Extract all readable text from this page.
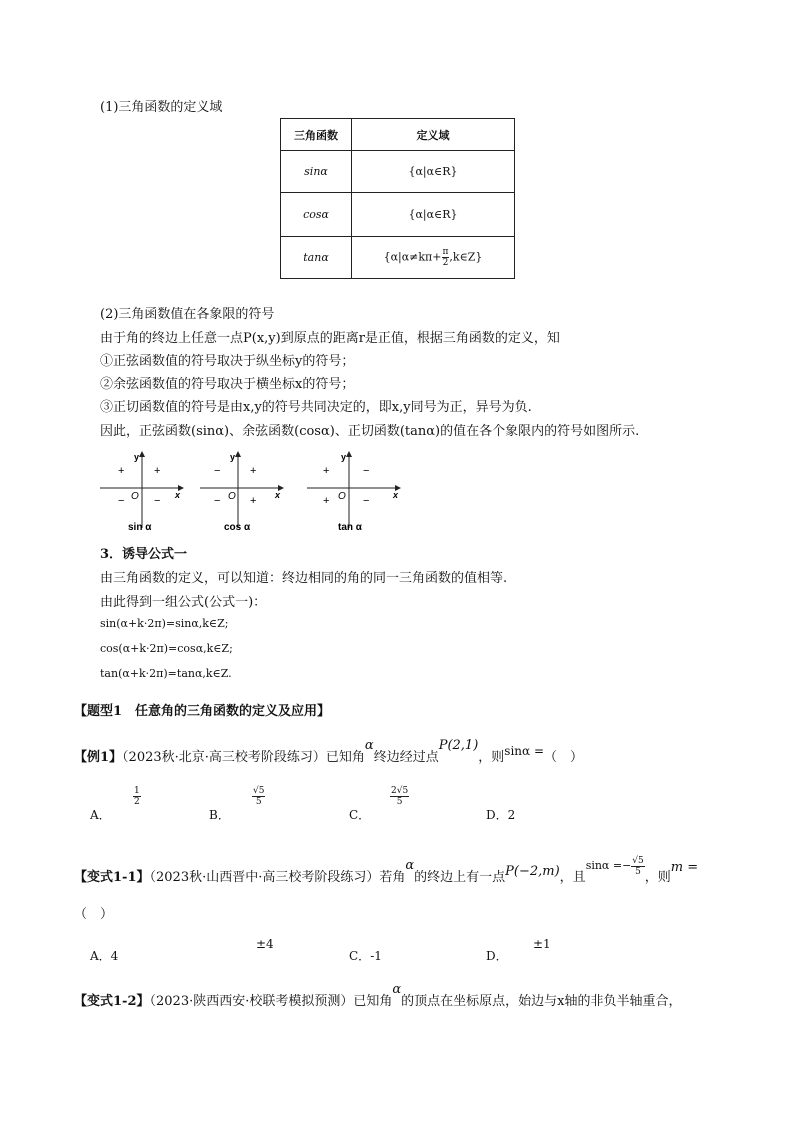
(1)三角函数的定义域
三角函数	定义域
sinα	{α|α∈R}
cosα	{α|α∈R}
tanα	{$\alpha|\alpha\ne k\pi+ \frac{\pi}{2}$ ,k∈Z}
(2)三角函数值在各象限的符号
由于角的终边上任意一点P(x,y)到原点的距离r是正值，根据三角函数的定义，知
①正弦函数值的符号取决于纵坐标y的符号；
②余弦函数值的符号取决于横坐标x的符号；
③正切函数值的符号是由x,y的符号共同决定的，即x,y同号为正，异号为负.
因此，正弦函数(sinα)、余弦函数(cosα)、正切函数(tanα)的值在各个象限内的符号如图所示.
y
x
O
+
+
−	−
sin α
y
x
O
+
−
−	+
cos α
y
x
O
−
+
+	−
tan α
3．诱导公式一
由三角函数的定义，可以知道：终边相同的角的同一三角函数的值相等.
由此得到一组公式(公式一)：
sin(α+k·2π)=sinα,k∈Z;
cos(α+k·2π)=cosα,k∈Z;
tan(α+k·2π)=tanα,k∈Z.
【题型1　任意角的三角函数的定义及应用】
【例1】（2023秋·北京·高三校考阶段练习）已知角α终边经过点P(2,1)，则sinα =（　）
A．
$\frac{1}{2}$
B．
$\frac{√5}{5}$
C．
$\frac{2√5}{5}$
D．2
【变式1-1】（2023秋·山西晋中·高三校考阶段练习）若角α的终边上有一点P(−2,m)，且$^{sin\alpha =- \frac{√5}{5}}$
，则m =
（　）
A．4
±4
C．-1	D．
±1
【变式1-2】（2023·陕西西安·校联考模拟预测）已知角α的顶点在坐标原点，始边与x轴的非负半轴重合，
